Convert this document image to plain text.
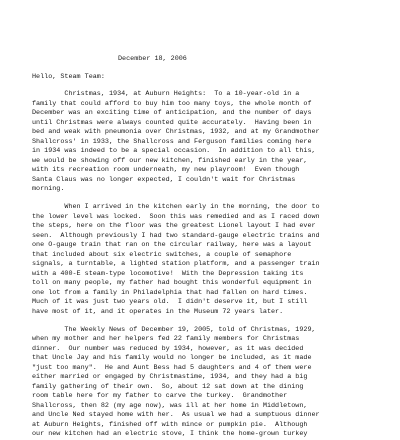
December 18, 2006
Hello, Steam Team:
Christmas, 1934, at Auburn Heights:  To a 10-year-old in a
family that could afford to buy him too many toys, the whole month of
December was an exciting time of anticipation, and the number of days
until Christmas were always counted quite accurately.  Having been in
bed and weak with pneumonia over Christmas, 1932, and at my Grandmother
Shallcross' in 1933, the Shallcross and Ferguson families coming here
in 1934 was indeed to be a special occasion.  In addition to all this,
we would be showing off our new kitchen, finished early in the year,
with its recreation room underneath, my new playroom!  Even though
Santa Claus was no longer expected, I couldn't wait for Christmas
morning.
When I arrived in the kitchen early in the morning, the door to
the lower level was locked.  Soon this was remedied and as I raced down
the steps, here on the floor was the greatest Lionel layout I had ever
seen.  Although previously I had two standard-gauge electric trains and
one O-gauge train that ran on the circular railway, here was a layout
that included about six electric switches, a couple of semaphore
signals, a turntable, a lighted station platform, and a passenger train
with a 400-E steam-type locomotive!  With the Depression taking its
toll on many people, my father had bought this wonderful equipment in
one lot from a family in Philadelphia that had fallen on hard times.
Much of it was just two years old.  I didn't deserve it, but I still
have most of it, and it operates in the Museum 72 years later.
The Weekly News of December 19, 2005, told of Christmas, 1929,
when my mother and her helpers fed 22 family members for Christmas
dinner.  Our number was reduced by 1934, however, as it was decided
that Uncle Jay and his family would no longer be included, as it made
"just too many".  He and Aunt Bess had 5 daughters and 4 of them were
either married or engaged by Christmastime, 1934, and they had a big
family gathering of their own.  So, about 12 sat down at the dining
room table here for my father to carve the turkey.  Grandmother
Shallcross, then 82 (my age now), was ill at her home in Middletown,
and Uncle Ned stayed home with her.  As usual we had a sumptuous dinner
at Auburn Heights, finished off with mince or pumpkin pie.  Although
our new kitchen had an electric stove, I think the home-grown turkey
